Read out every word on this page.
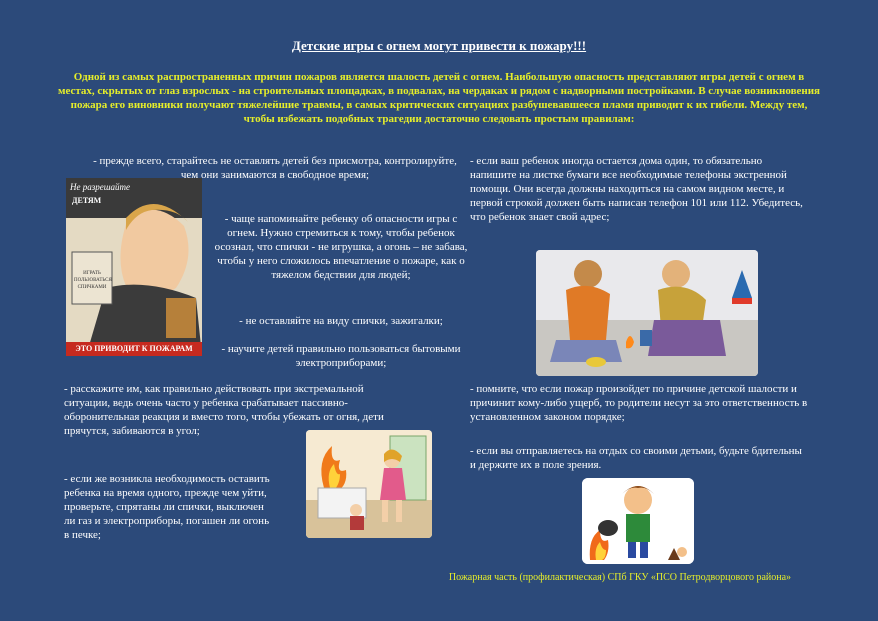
Детские игры с огнем могут привести к пожару!!!
Одной из самых распространенных причин пожаров является шалость детей с огнем. Наибольшую опасность представляют игры детей с огнем в местах, скрытых от глаз взрослых - на строительных площадках, в подвалах, на чердаках и рядом с надворными постройками. В случае возникновения пожара его виновники получают тяжелейшие травмы, в самых критических ситуациях разбушевавшееся пламя приводит к их гибели. Между тем, чтобы избежать подобных трагедии достаточно следовать простым правилам:
Не разрешайте
ДЕТЯМ
ИГРАТЬ ПОЛЬЗОВАТЬСЯ СПИЧКАМИ
ЭТО ПРИВОДИТ К ПОЖАРАМ
- прежде всего, старайтесь не оставлять детей без присмотра, контролируйте, чем они занимаются в свободное время;
- чаще напоминайте ребенку об опасности игры с огнем. Нужно стремиться к тому, чтобы ребенок осознал, что спички - не игрушка, а огонь – не забава, чтобы у него сложилось впечатление о пожаре, как о тяжелом бедствии для людей;
- не оставляйте на виду спички, зажигалки;
- научите детей правильно пользоваться бытовыми электроприборами;
- расскажите им, как правильно действовать при экстремальной ситуации, ведь очень часто у ребенка срабатывает пассивно-оборонительная реакция и вместо того, чтобы убежать от огня, дети прячутся, забиваются в угол;
- если же возникла необходимость оставить ребенка на время одного, прежде чем уйти, проверьте, спрятаны ли спички, выключен ли газ и электроприборы, погашен ли огонь в печке;
- если ваш ребенок иногда остается дома один, то обязательно напишите на листке бумаги все необходимые телефоны экстренной помощи. Они всегда должны находиться на самом видном месте, и первой строкой должен быть написан телефон 101 или 112. Убедитесь, что ребенок знает свой адрес;
- помните, что если пожар произойдет по причине детской шалости и причинит кому-либо ущерб, то родители несут за это ответственность в установленном законом порядке;
- если вы отправляетесь на отдых со своими детьми, будьте бдительны и держите их в поле зрения.
Пожарная часть (профилактическая) СПб ГКУ «ПСО Петродворцового района»
